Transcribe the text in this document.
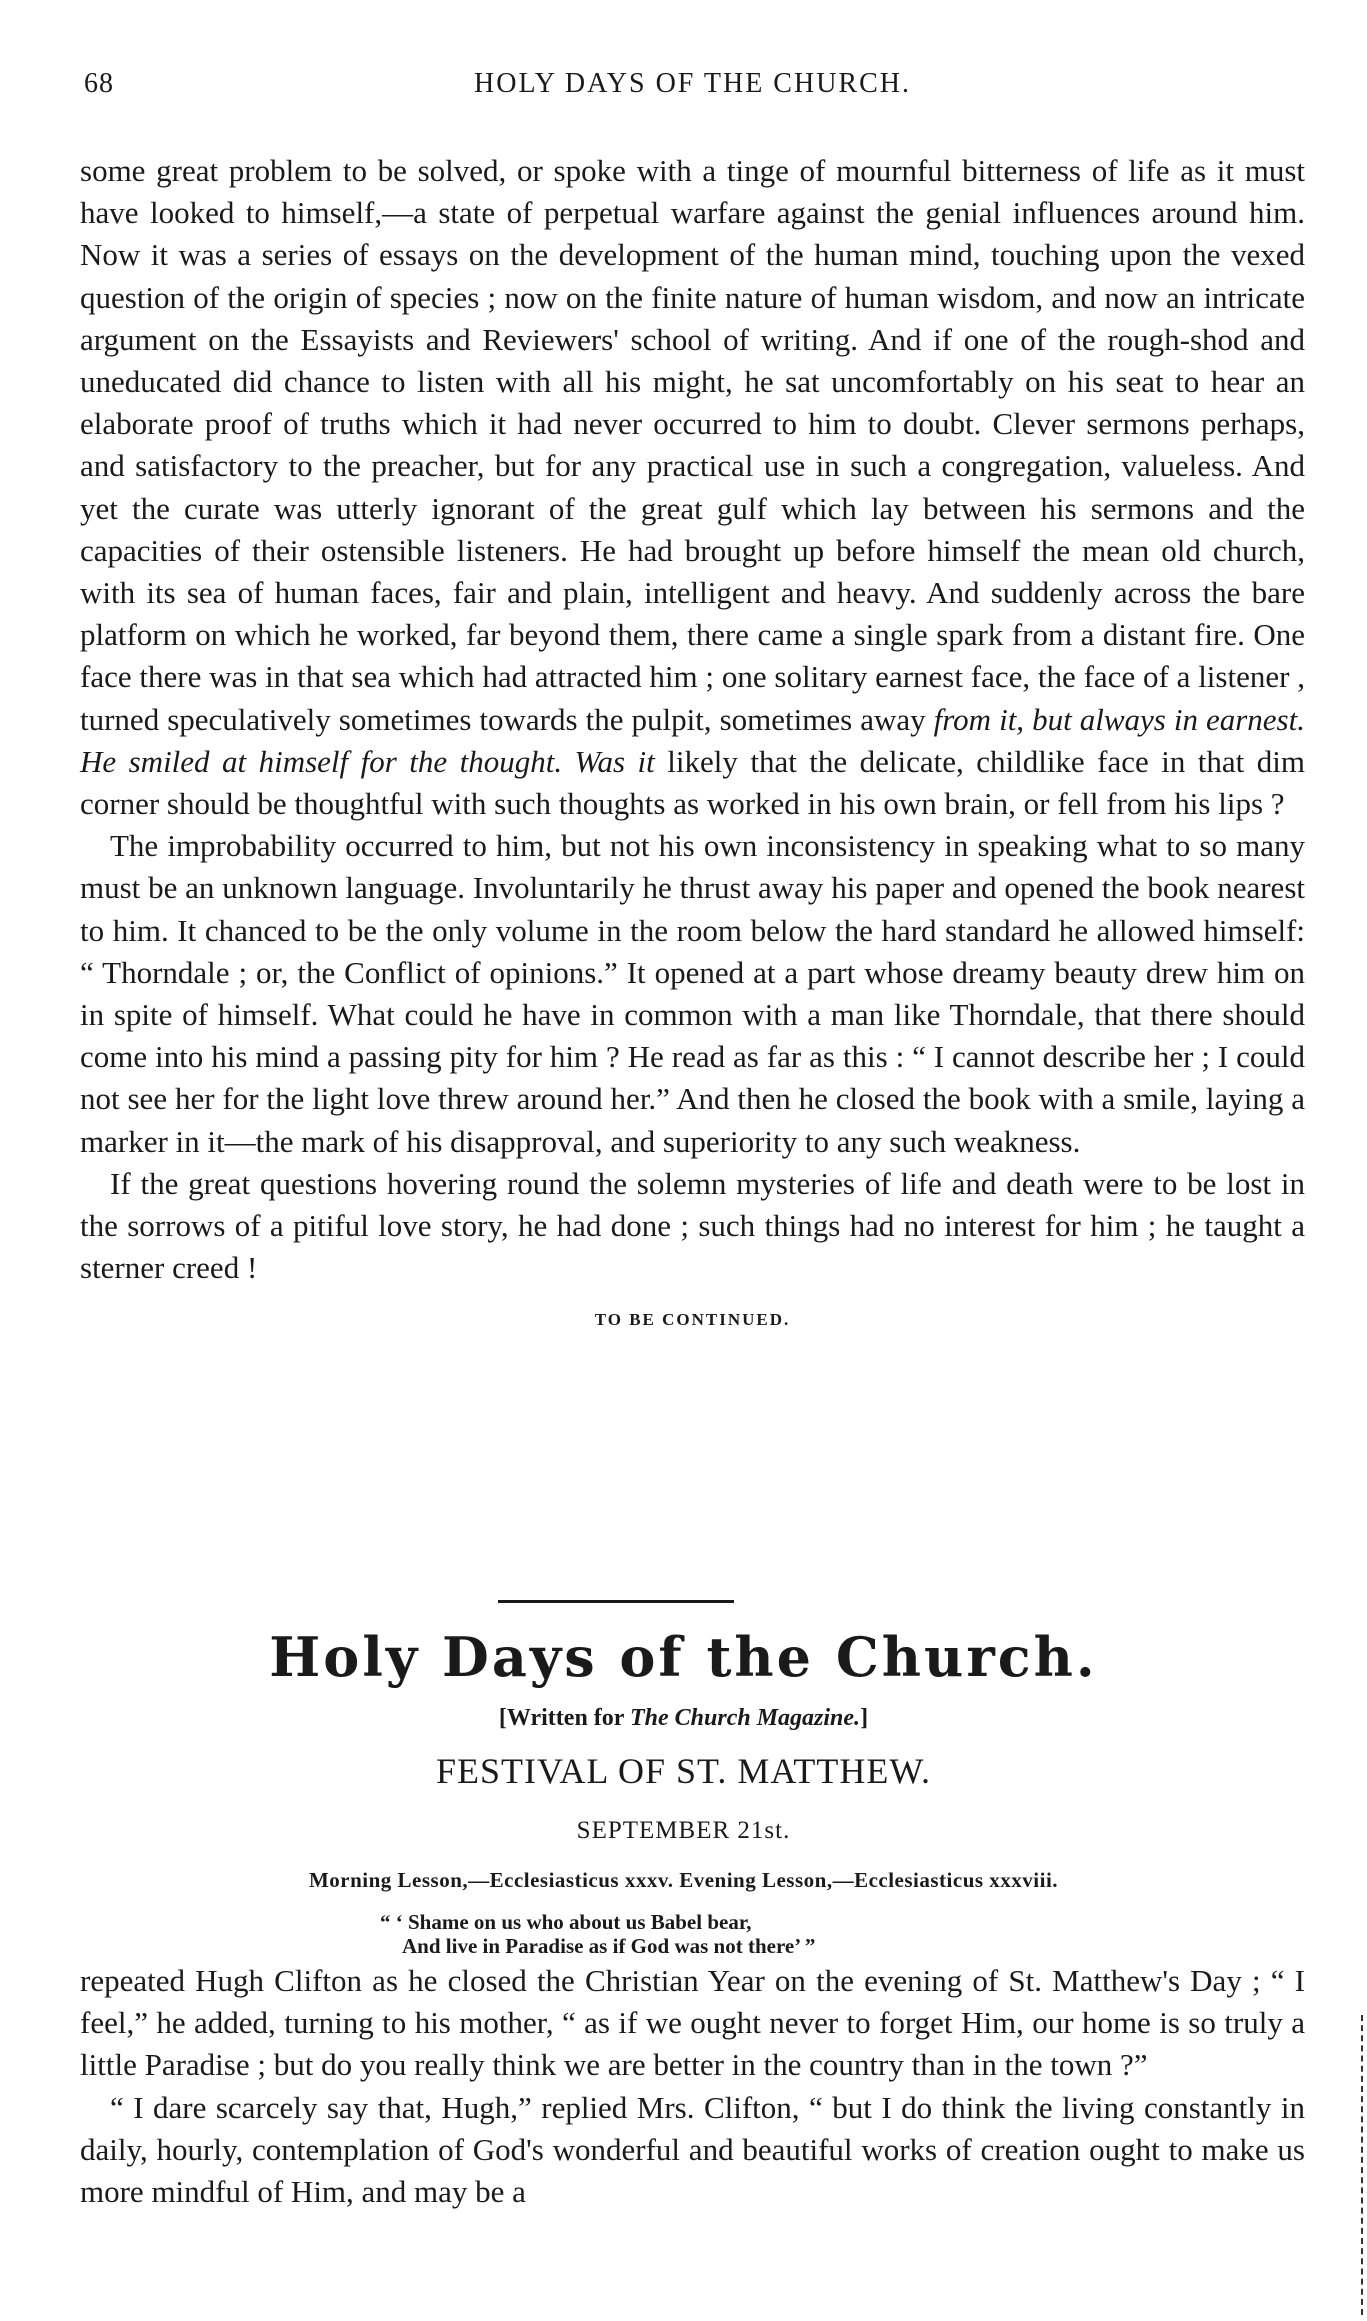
68	HOLY DAYS OF THE CHURCH.

some great problem to be solved, or spoke with a tinge of mournful bitterness of life as it must have looked to himself,—a state of perpetual warfare against the genial influences around him. Now it was a series of essays on the development of the human mind, touching upon the vexed question of the origin of species ; now on the finite nature of human wisdom, and now an intricate argument on the Essayists and Reviewers' school of writing. And if one of the rough-shod and uneducated did chance to listen with all his might, he sat uncomfortably on his seat to hear an elaborate proof of truths which it had never occurred to him to doubt. Clever sermons perhaps, and satisfactory to the preacher, but for any practical use in such a congregation, valueless. And yet the curate was utterly ignorant of the great gulf which lay between his sermons and the capacities of their ostensible listeners. He had brought up before himself the mean old church, with its sea of human faces, fair and plain, intelligent and heavy. And suddenly across the bare platform on which he worked, far beyond them, there came a single spark from a distant fire. One face there was in that sea which had attracted him ; one solitary earnest face, the face of a listener , turned speculatively sometimes towards the pulpit, sometimes away from it, but always in earnest. He smiled at himself for the thought. Was it likely that the delicate, childlike face in that dim corner should be thoughtful with such thoughts as worked in his own brain, or fell from his lips ?

The improbability occurred to him, but not his own inconsistency in speaking what to so many must be an unknown language. Involuntarily he thrust away his paper and opened the book nearest to him. It chanced to be the only volume in the room below the hard standard he allowed himself: “ Thorndale ; or, the Conflict of opinions.” It opened at a part whose dreamy beauty drew him on in spite of himself. What could he have in common with a man like Thorndale, that there should come into his mind a passing pity for him ? He read as far as this : “ I cannot describe her ; I could not see her for the light love threw around her.” And then he closed the book with a smile, laying a marker in it—the mark of his disapproval, and superiority to any such weakness.

If the great questions hovering round the solemn mysteries of life and death were to be lost in the sorrows of a pitiful love story, he had done ; such things had no interest for him ; he taught a sterner creed !

TO BE CONTINUED.
Holy Days of the Church.
[Written for The Church Magazine.]
FESTIVAL OF ST. MATTHEW.
SEPTEMBER 21st.
Morning Lesson,—Ecclesiasticus xxxv. Evening Lesson,—Ecclesiasticus xxxviii.
“ ‘ Shame on us who about us Babel bear,
And live in Paradise as if God was not there’ ”

repeated Hugh Clifton as he closed the Christian Year on the evening of St. Matthew's Day ; “ I feel,” he added, turning to his mother, “ as if we ought never to forget Him, our home is so truly a little Paradise ; but do you really think we are better in the country than in the town ?”

“ I dare scarcely say that, Hugh,” replied Mrs. Clifton, “ but I do think the living constantly in daily, hourly, contemplation of God's wonderful and beautiful works of creation ought to make us more mindful of Him, and may be a
